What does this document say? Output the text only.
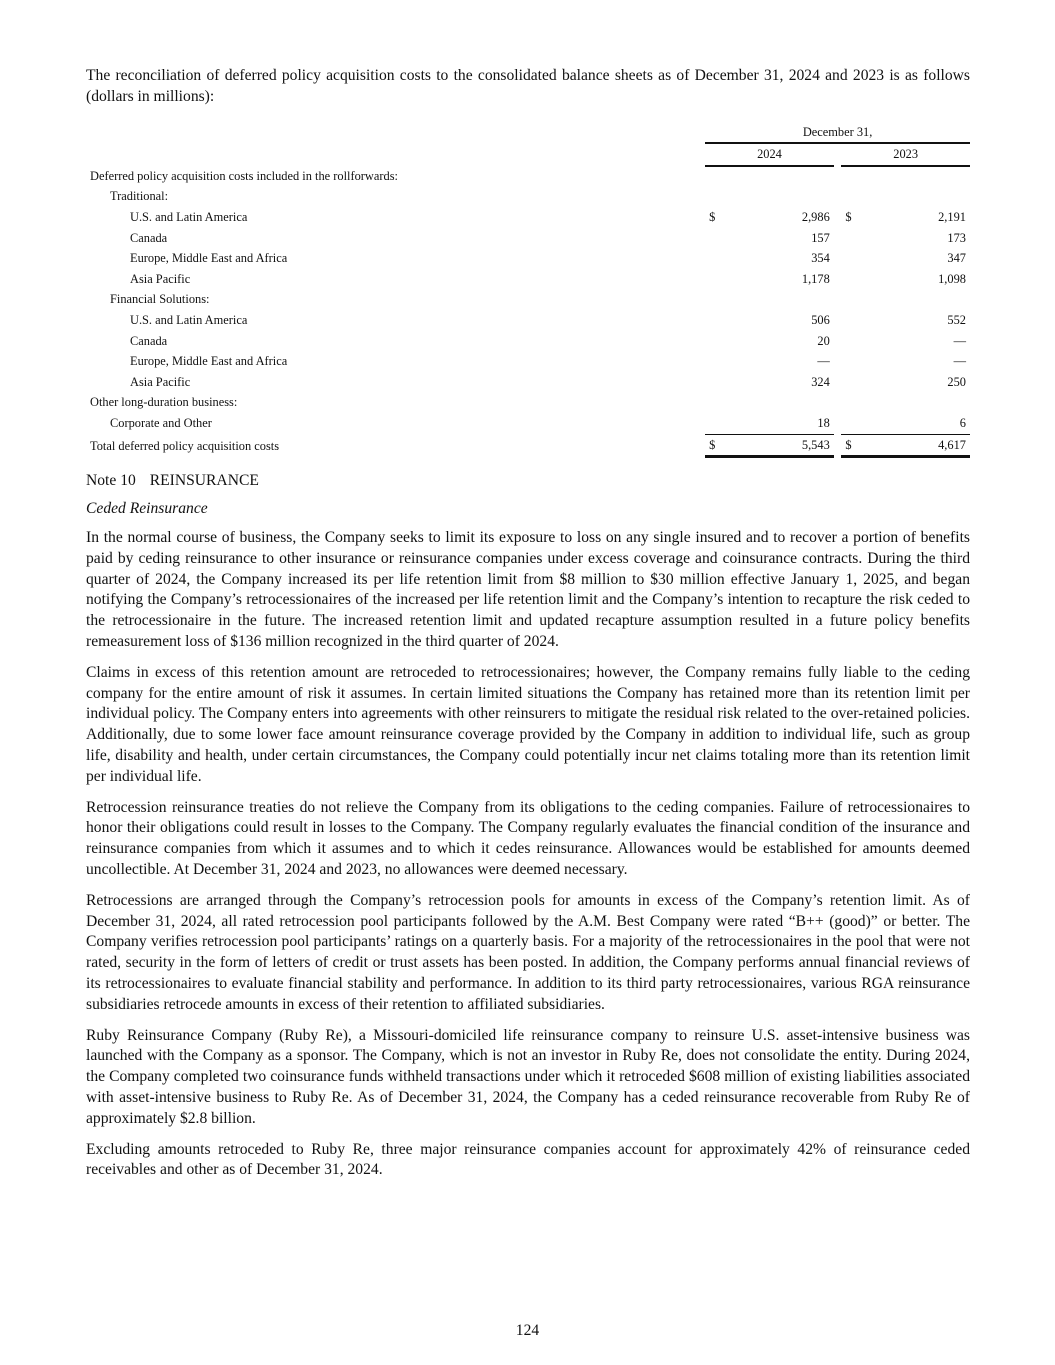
The reconciliation of deferred policy acquisition costs to the consolidated balance sheets as of December 31, 2024 and 2023 is as follows (dollars in millions):

	December 31,				
	2024			2023	
Deferred policy acquisition costs included in the rollforwards:					
Traditional:					
U.S. and Latin America	$	2,986		$	2,191
Canada		157			173
Europe, Middle East and Africa		354			347
Asia Pacific		1,178			1,098
Financial Solutions:					
U.S. and Latin America		506			552
Canada		20			—
Europe, Middle East and Africa		—			—
Asia Pacific		324			250
Other long-duration business:					
Corporate and Other		18			6
Total deferred policy acquisition costs	$	5,543		$	4,617
Note 10 REINSURANCE
Ceded Reinsurance

In the normal course of business, the Company seeks to limit its exposure to loss on any single insured and to recover a portion of benefits paid by ceding reinsurance to other insurance or reinsurance companies under excess coverage and coinsurance contracts. During the third quarter of 2024, the Company increased its per life retention limit from $8 million to $30 million effective January 1, 2025, and began notifying the Company’s retrocessionaires of the increased per life retention limit and the Company’s intention to recapture the risk ceded to the retrocessionaire in the future. The increased retention limit and updated recapture assumption resulted in a future policy benefits remeasurement loss of $136 million recognized in the third quarter of 2024.

Claims in excess of this retention amount are retroceded to retrocessionaires; however, the Company remains fully liable to the ceding company for the entire amount of risk it assumes. In certain limited situations the Company has retained more than its retention limit per individual policy. The Company enters into agreements with other reinsurers to mitigate the residual risk related to the over-retained policies. Additionally, due to some lower face amount reinsurance coverage provided by the Company in addition to individual life, such as group life, disability and health, under certain circumstances, the Company could potentially incur net claims totaling more than its retention limit per individual life.

Retrocession reinsurance treaties do not relieve the Company from its obligations to the ceding companies. Failure of retrocessionaires to honor their obligations could result in losses to the Company. The Company regularly evaluates the financial condition of the insurance and reinsurance companies from which it assumes and to which it cedes reinsurance. Allowances would be established for amounts deemed uncollectible. At December 31, 2024 and 2023, no allowances were deemed necessary.

Retrocessions are arranged through the Company’s retrocession pools for amounts in excess of the Company’s retention limit. As of December 31, 2024, all rated retrocession pool participants followed by the A.M. Best Company were rated “B++ (good)” or better. The Company verifies retrocession pool participants’ ratings on a quarterly basis. For a majority of the retrocessionaires in the pool that were not rated, security in the form of letters of credit or trust assets has been posted. In addition, the Company performs annual financial reviews of its retrocessionaires to evaluate financial stability and performance. In addition to its third party retrocessionaires, various RGA reinsurance subsidiaries retrocede amounts in excess of their retention to affiliated subsidiaries.

Ruby Reinsurance Company (Ruby Re), a Missouri-domiciled life reinsurance company to reinsure U.S. asset-intensive business was launched with the Company as a sponsor. The Company, which is not an investor in Ruby Re, does not consolidate the entity. During 2024, the Company completed two coinsurance funds withheld transactions under which it retroceded $608 million of existing liabilities associated with asset-intensive business to Ruby Re. As of December 31, 2024, the Company has a ceded reinsurance recoverable from Ruby Re of approximately $2.8 billion.

Excluding amounts retroceded to Ruby Re, three major reinsurance companies account for approximately 42% of reinsurance ceded receivables and other as of December 31, 2024.

124
